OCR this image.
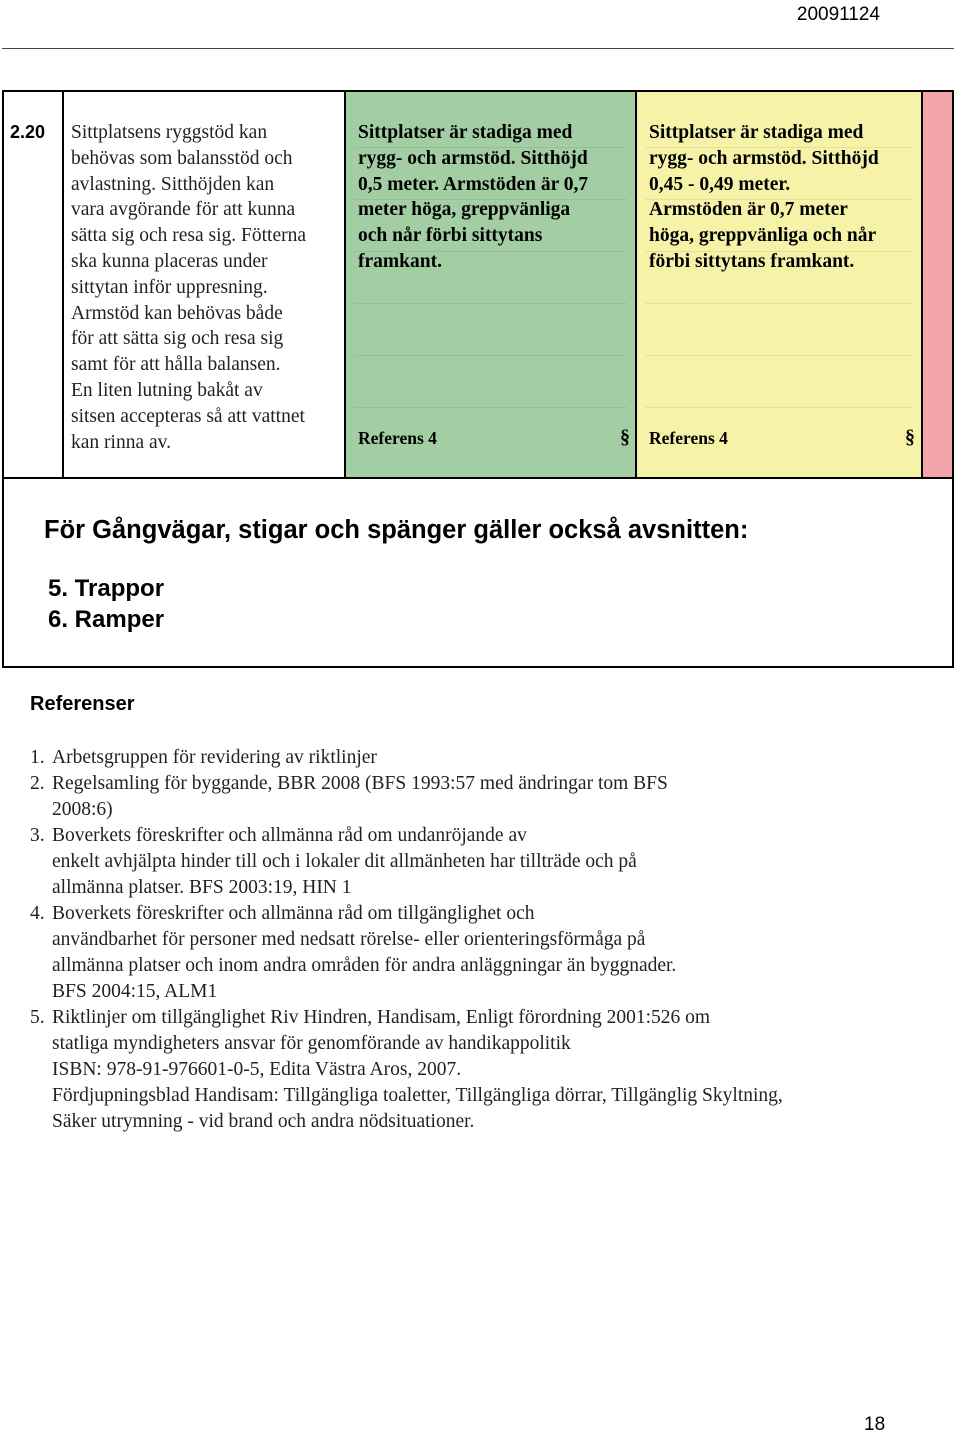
20091124
2.20 Sittplatsens ryggstöd kan
behövas som balansstöd och
avlastning. Sitthöjden kan
vara avgörande för att kunna
sätta sig och resa sig. Fötterna
ska kunna placeras under
sittytan inför uppresning.
Armstöd kan behövas både
för att sätta sig och resa sig
samt för att hålla balansen.
En liten lutning bakåt av
sitsen accepteras så att vattnet
kan rinna av.
Sittplatser är stadiga med
rygg- och armstöd. Sitthöjd
0,5 meter. Armstöden är 0,7
meter höga, greppvänliga
och når förbi sittytans
framkant.
Referens 4	§
Sittplatser är stadiga med
rygg- och armstöd. Sitthöjd
0,45 - 0,49 meter.
Armstöden är 0,7 meter
höga, greppvänliga och når
förbi sittytans framkant.
Referens 4	§
För Gångvägar, stigar och spänger gäller också avsnitten:
5. Trappor
6. Ramper
Referenser
1. Arbetsgruppen för revidering av riktlinjer
2. Regelsamling för byggande, BBR 2008 (BFS 1993:57 med ändringar tom BFS
2008:6)
3. Boverkets föreskrifter och allmänna råd om undanröjande av
enkelt avhjälpta hinder till och i lokaler dit allmänheten har tillträde och på
allmänna platser. BFS 2003:19, HIN 1
4. Boverkets föreskrifter och allmänna råd om tillgänglighet och
användbarhet för personer med nedsatt rörelse- eller orienteringsförmåga på
allmänna platser och inom andra områden för andra anläggningar än byggnader.
BFS 2004:15, ALM1
5. Riktlinjer om tillgänglighet Riv Hindren, Handisam, Enligt förordning 2001:526 om
statliga myndigheters ansvar för genomförande av handikappolitik
ISBN: 978-91-976601-0-5, Edita Västra Aros, 2007.
Fördjupningsblad Handisam: Tillgängliga toaletter, Tillgängliga dörrar, Tillgänglig Skyltning,
Säker utrymning - vid brand och andra nödsituationer.
18
